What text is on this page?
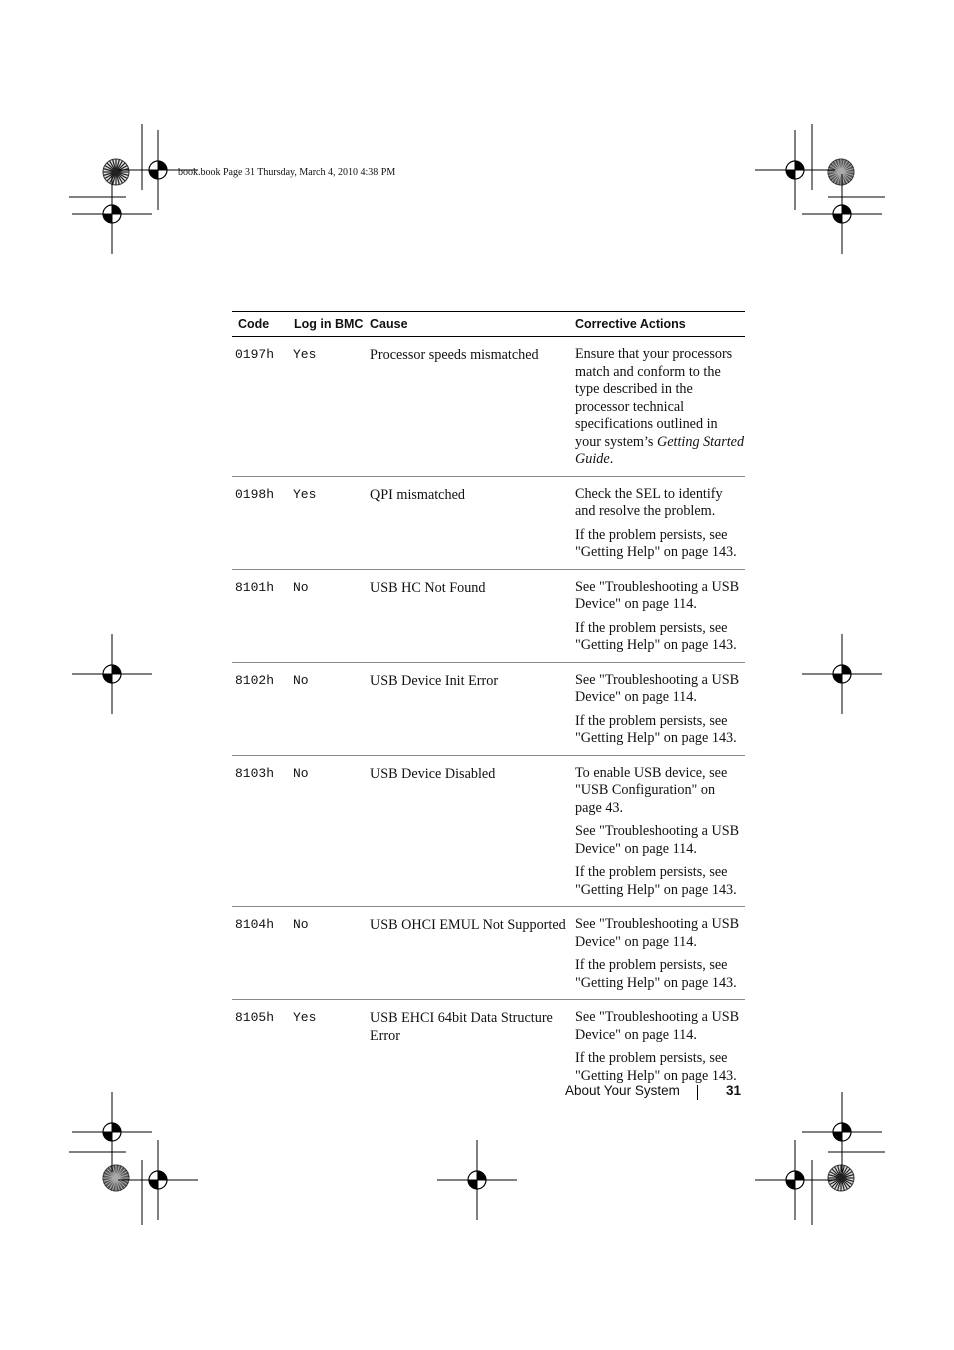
book.book Page 31 Thursday, March 4, 2010 4:38 PM
Code	Log in BMC Cause	Corrective Actions
0197h	Yes	Processor speeds mismatched	Ensure that your processors match and conform to the type described in the processor technical specifications outlined in your system’s Getting Started Guide.

0198h	Yes	QPI mismatched	Check the SEL to identify and resolve the problem.

If the problem persists, see "Getting Help" on page 143.

8101h	No	USB HC Not Found	See "Troubleshooting a USB Device" on page 114.

If the problem persists, see "Getting Help" on page 143.

8102h	No	USB Device Init Error	See "Troubleshooting a USB Device" on page 114.

If the problem persists, see "Getting Help" on page 143.

8103h	No	USB Device Disabled	To enable USB device, see "USB Configuration" on page 43.

See "Troubleshooting a USB Device" on page 114.

If the problem persists, see "Getting Help" on page 143.

8104h	No	USB OHCI EMUL Not Supported See "Troubleshooting a USB Device" on page 114.

If the problem persists, see "Getting Help" on page 143.

8105h	Yes	USB EHCI 64bit Data Structure Error

See "Troubleshooting a USB Device" on page 114.

If the problem persists, see "Getting Help" on page 143.

About Your System	31
